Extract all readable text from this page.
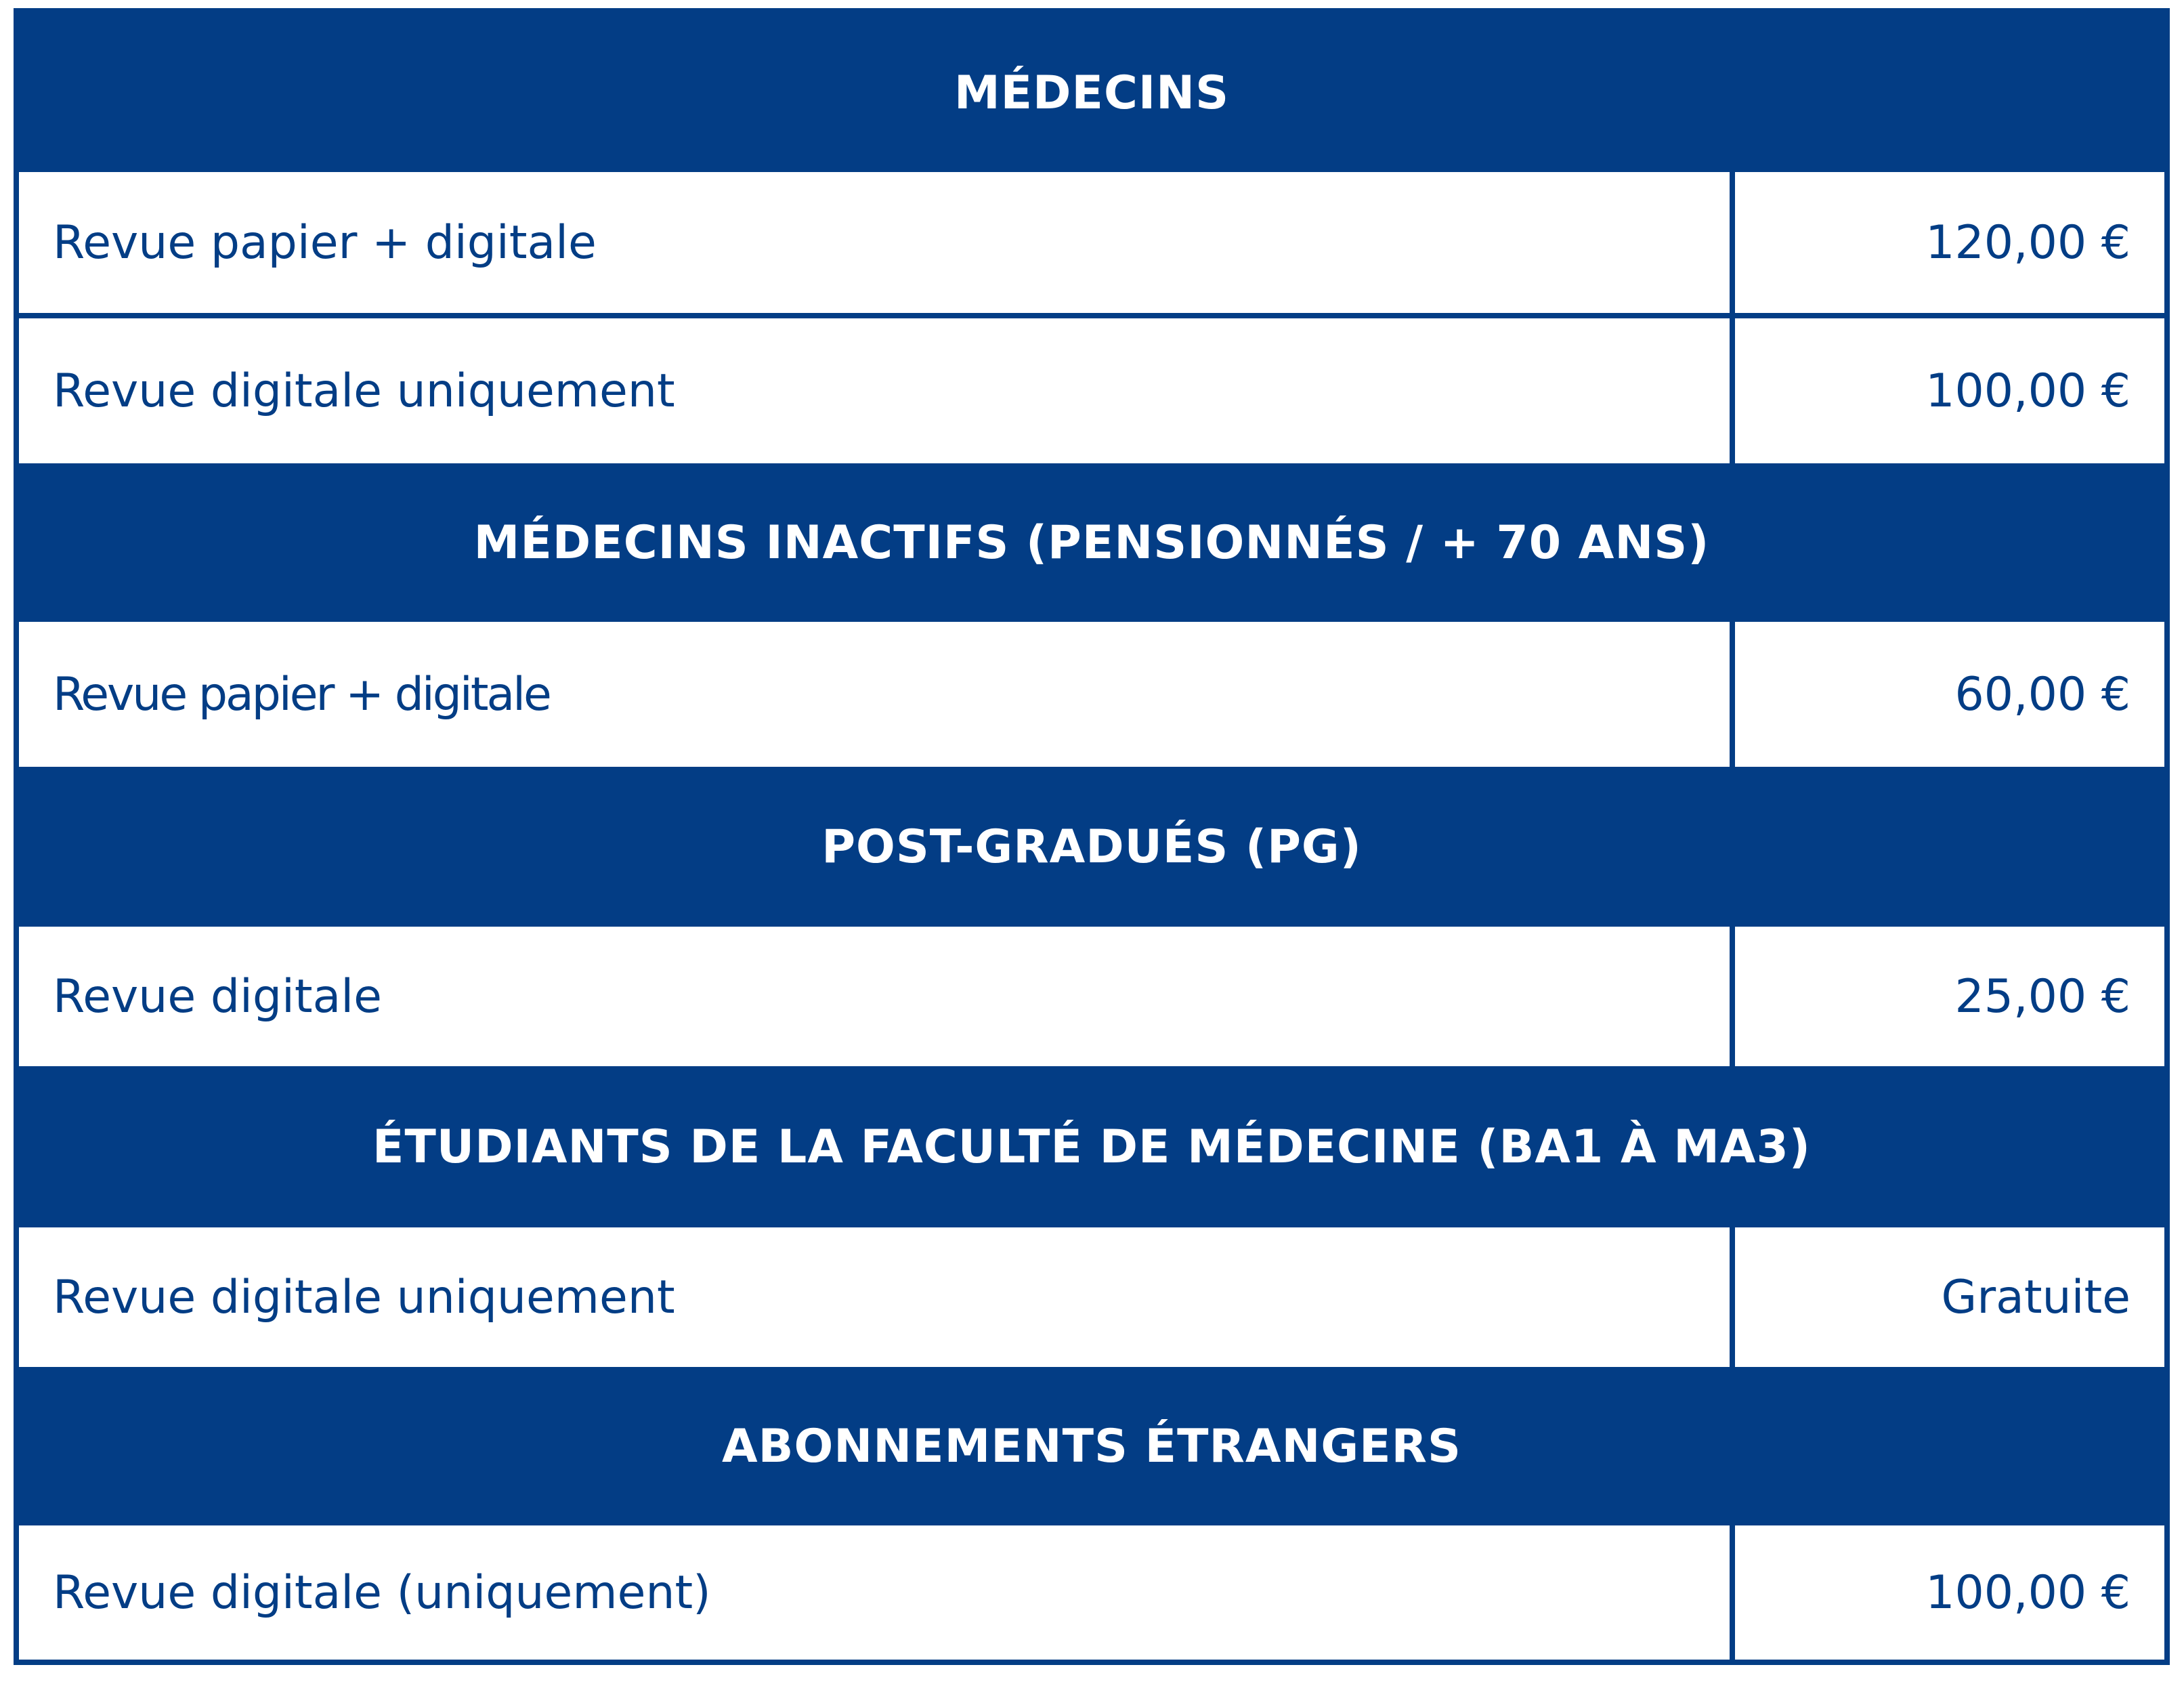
MÉDECINS
Revue papier + digitale	120,00 €
Revue digitale uniquement	100,00 €
MÉDECINS INACTIFS (PENSIONNÉS / + 70 ANS)
Revue papier + digitale	60,00 €
POST-GRADUÉS (PG)
Revue digitale	25,00 €
ÉTUDIANTS DE LA FACULTÉ DE MÉDECINE (BA1 À MA3)
Revue digitale uniquement	Gratuite
ABONNEMENTS ÉTRANGERS
Revue digitale (uniquement)	100,00 €
